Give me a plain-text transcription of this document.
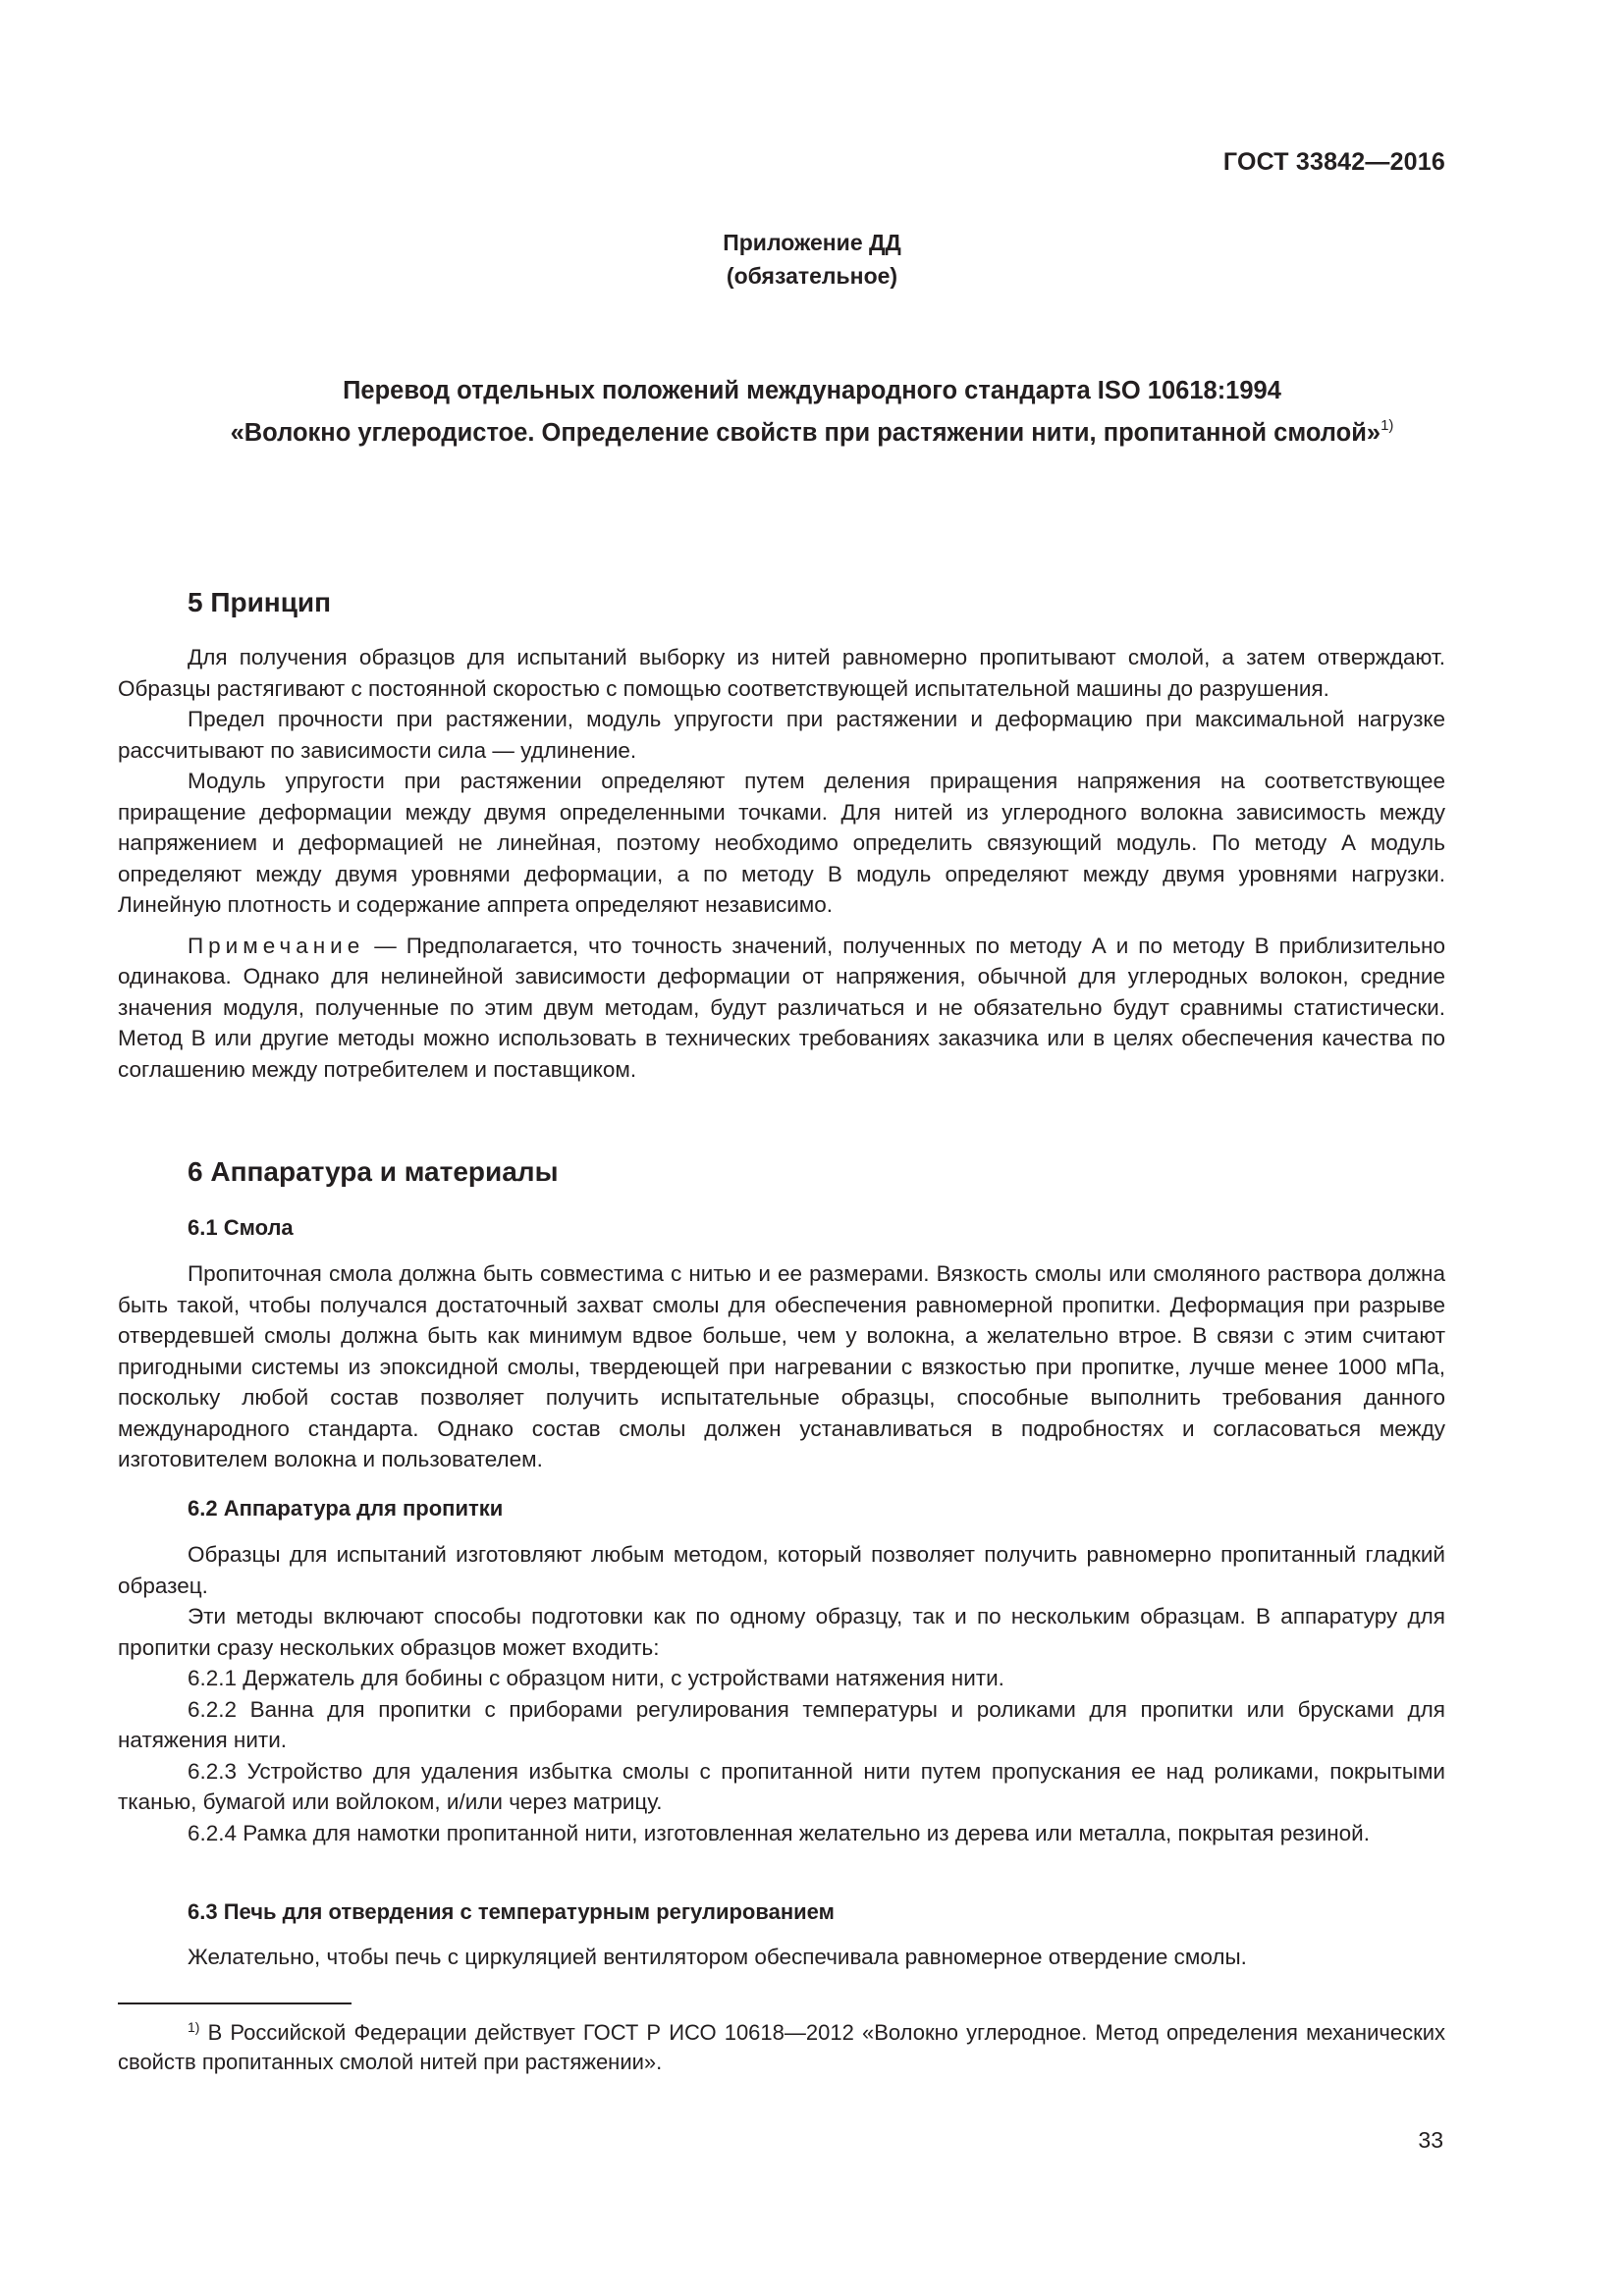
ГОСТ 33842—2016
Приложение ДД
(обязательное)
Перевод отдельных положений международного стандарта ISO 10618:1994
«Волокно углеродистое. Определение свойств при растяжении нити, пропитанной смолой»$^{1)}$
5 Принцип

Для получения образцов для испытаний выборку из нитей равномерно пропитывают смолой, а затем отверждают. Образцы растягивают с постоянной скоростью с помощью соответствующей испытательной машины до разрушения.

Предел прочности при растяжении, модуль упругости при растяжении и деформацию при максимальной нагрузке рассчитывают по зависимости сила — удлинение.

Модуль упругости при растяжении определяют путем деления приращения напряжения на соответствующее приращение деформации между двумя определенными точками. Для нитей из углеродного волокна зависимость между напряжением и деформацией не линейная, поэтому необходимо определить связующий модуль. По методу А модуль определяют между двумя уровнями деформации, а по методу В модуль определяют между двумя уровнями нагрузки. Линейную плотность и содержание аппрета определяют независимо.

Примечание — Предполагается, что точность значений, полученных по методу А и по методу В приблизительно одинакова. Однако для нелинейной зависимости деформации от напряжения, обычной для углеродных волокон, средние значения модуля, полученные по этим двум методам, будут различаться и не обязательно будут сравнимы статистически. Метод В или другие методы можно использовать в технических требованиях заказчика или в целях обеспечения качества по соглашению между потребителем и поставщиком.

6 Аппаратура и материалы
6.1 Смола

Пропиточная смола должна быть совместима с нитью и ее размерами. Вязкость смолы или смоляного раствора должна быть такой, чтобы получался достаточный захват смолы для обеспечения равномерной пропитки. Деформация при разрыве отвердевшей смолы должна быть как минимум вдвое больше, чем у волокна, а желательно втрое. В связи с этим считают пригодными системы из эпоксидной смолы, твердеющей при нагревании с вязкостью при пропитке, лучше менее 1000 мПа, поскольку любой состав позволяет получить испытательные образцы, способные выполнить требования данного международного стандарта. Однако состав смолы должен устанавливаться в подробностях и согласоваться между изготовителем волокна и пользователем.

6.2 Аппаратура для пропитки

Образцы для испытаний изготовляют любым методом, который позволяет получить равномерно пропитанный гладкий образец.

Эти методы включают способы подготовки как по одному образцу, так и по нескольким образцам. В аппаратуру для пропитки сразу нескольких образцов может входить:

6.2.1 Держатель для бобины с образцом нити, с устройствами натяжения нити.

6.2.2 Ванна для пропитки с приборами регулирования температуры и роликами для пропитки или брусками для натяжения нити.

6.2.3 Устройство для удаления избытка смолы с пропитанной нити путем пропускания ее над роликами, покрытыми тканью, бумагой или войлоком, и/или через матрицу.

6.2.4 Рамка для намотки пропитанной нити, изготовленная желательно из дерева или металла, покрытая резиной.

6.3 Печь для отвердения с температурным регулированием

Желательно, чтобы печь с циркуляцией вентилятором обеспечивала равномерное отвердение смолы.

$^{1)}$ В Российской Федерации действует ГОСТ Р ИСО 10618—2012 «Волокно углеродное. Метод определения механических свойств пропитанных смолой нитей при растяжении».
33
